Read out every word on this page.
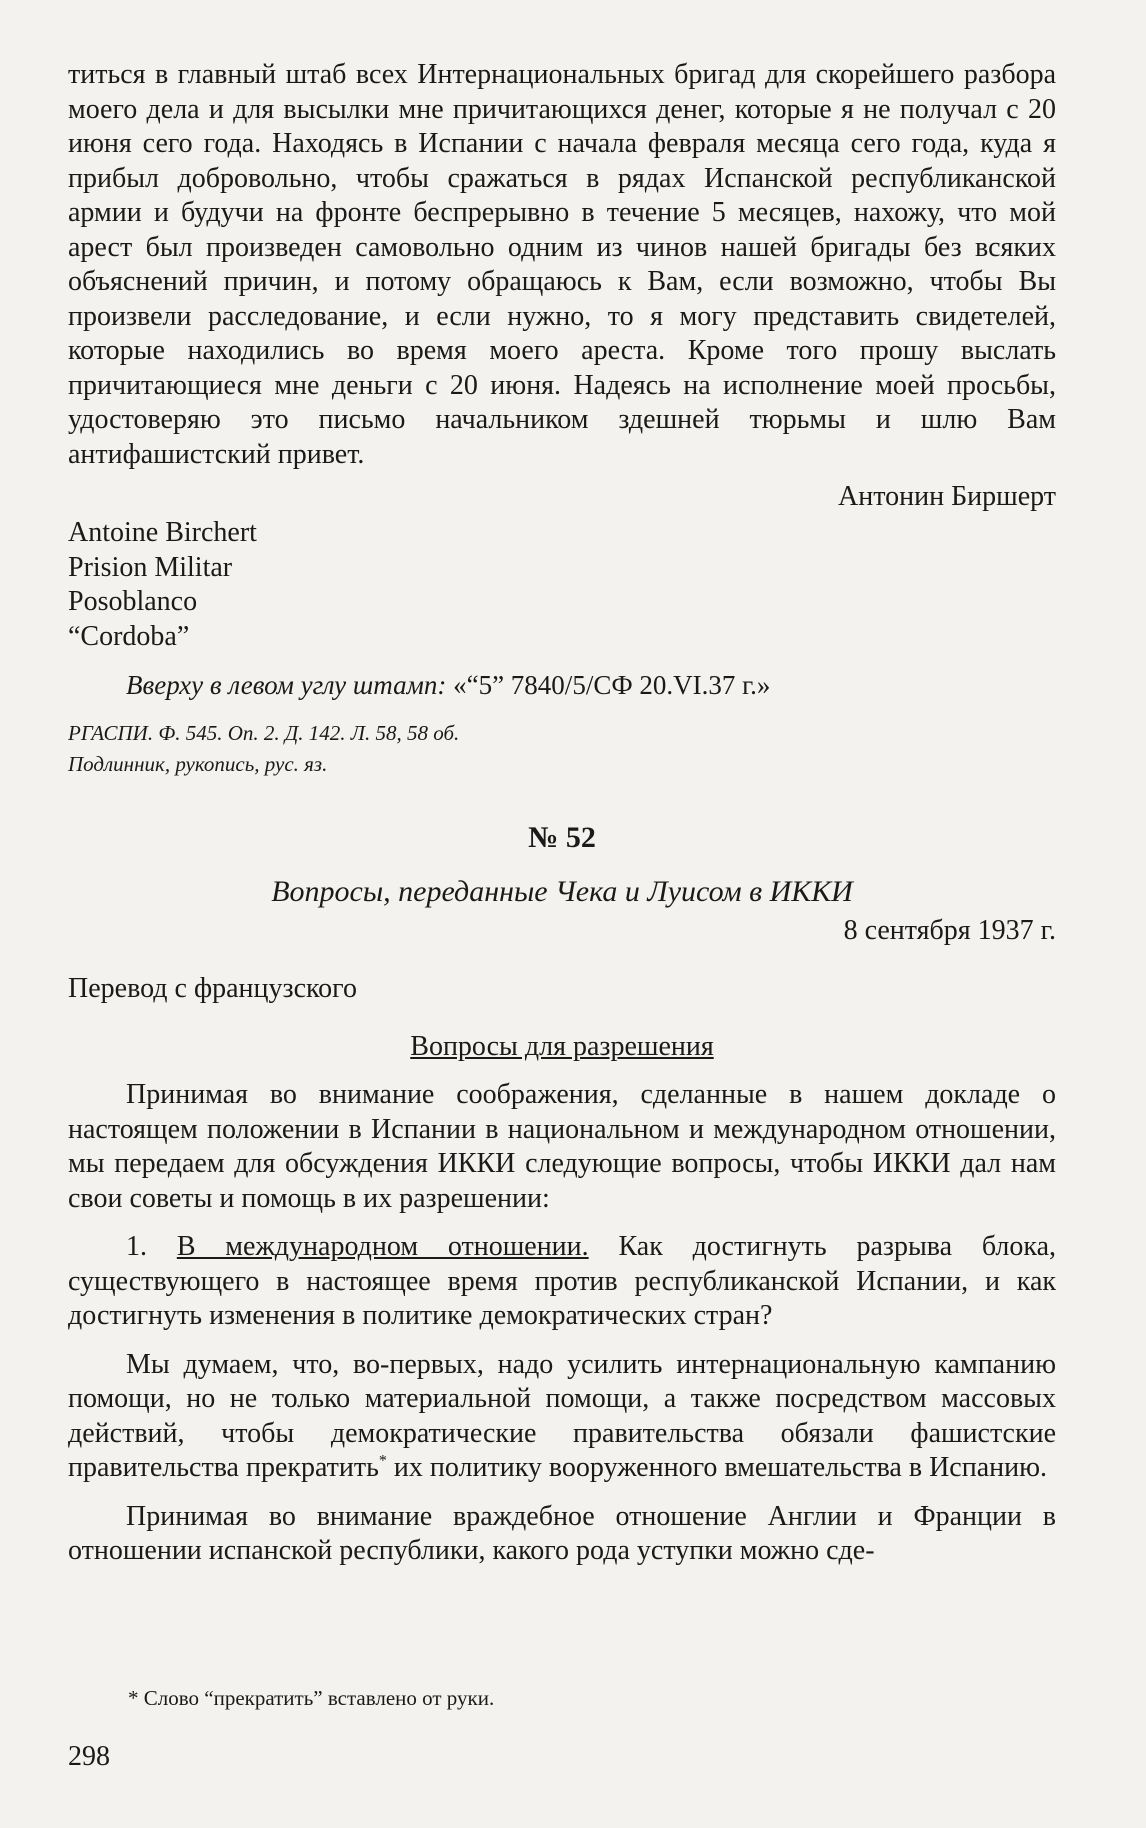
титься в главный штаб всех Интернациональных бригад для скорейшего разбора моего дела и для высылки мне причитающихся денег, которые я не получал с 20 июня сего года. Находясь в Испании с начала февраля месяца сего года, куда я прибыл добровольно, чтобы сражаться в рядах Испанской республиканской армии и будучи на фронте беспрерывно в течение 5 месяцев, нахожу, что мой арест был произведен самовольно одним из чинов нашей бригады без всяких объяснений причин, и потому обращаюсь к Вам, если возможно, чтобы Вы произвели расследование, и если нужно, то я могу представить свидетелей, которые находились во время моего ареста. Кроме того прошу выслать причитающиеся мне деньги с 20 июня. Надеясь на исполнение моей просьбы, удостоверяю это письмо начальником здешней тюрьмы и шлю Вам антифашистский привет.

Антонин Биршерт

Antoine Birchert

Prision Militar

Posoblanco

“Cordoba”

Вверху в левом углу штамп: «“5” 7840/5/СФ 20.VI.37 г.»
РГАСПИ. Ф. 545. Оп. 2. Д. 142. Л. 58, 58 об.
Подлинник, рукопись, рус. яз.
№ 52
Вопросы, переданные Чека и Луисом в ИККИ
8 сентября 1937 г.
Перевод с французского
Вопросы для разрешения

Принимая во внимание соображения, сделанные в нашем докладе о настоящем положении в Испании в национальном и международном отношении, мы передаем для обсуждения ИККИ следующие вопросы, чтобы ИККИ дал нам свои советы и помощь в их разрешении:

1. В международном отношении. Как достигнуть разрыва блока, существующего в настоящее время против республиканской Испании, и как достигнуть изменения в политике демократических стран?

Мы думаем, что, во-первых, надо усилить интернациональную кампанию помощи, но не только материальной помощи, а также посредством массовых действий, чтобы демократические правительства обязали фашистские правительства прекратить* их политику вооруженного вмешательства в Испанию.

Принимая во внимание враждебное отношение Англии и Франции в отношении испанской республики, какого рода уступки можно сде-

* Слово “прекратить” вставлено от руки.
298
